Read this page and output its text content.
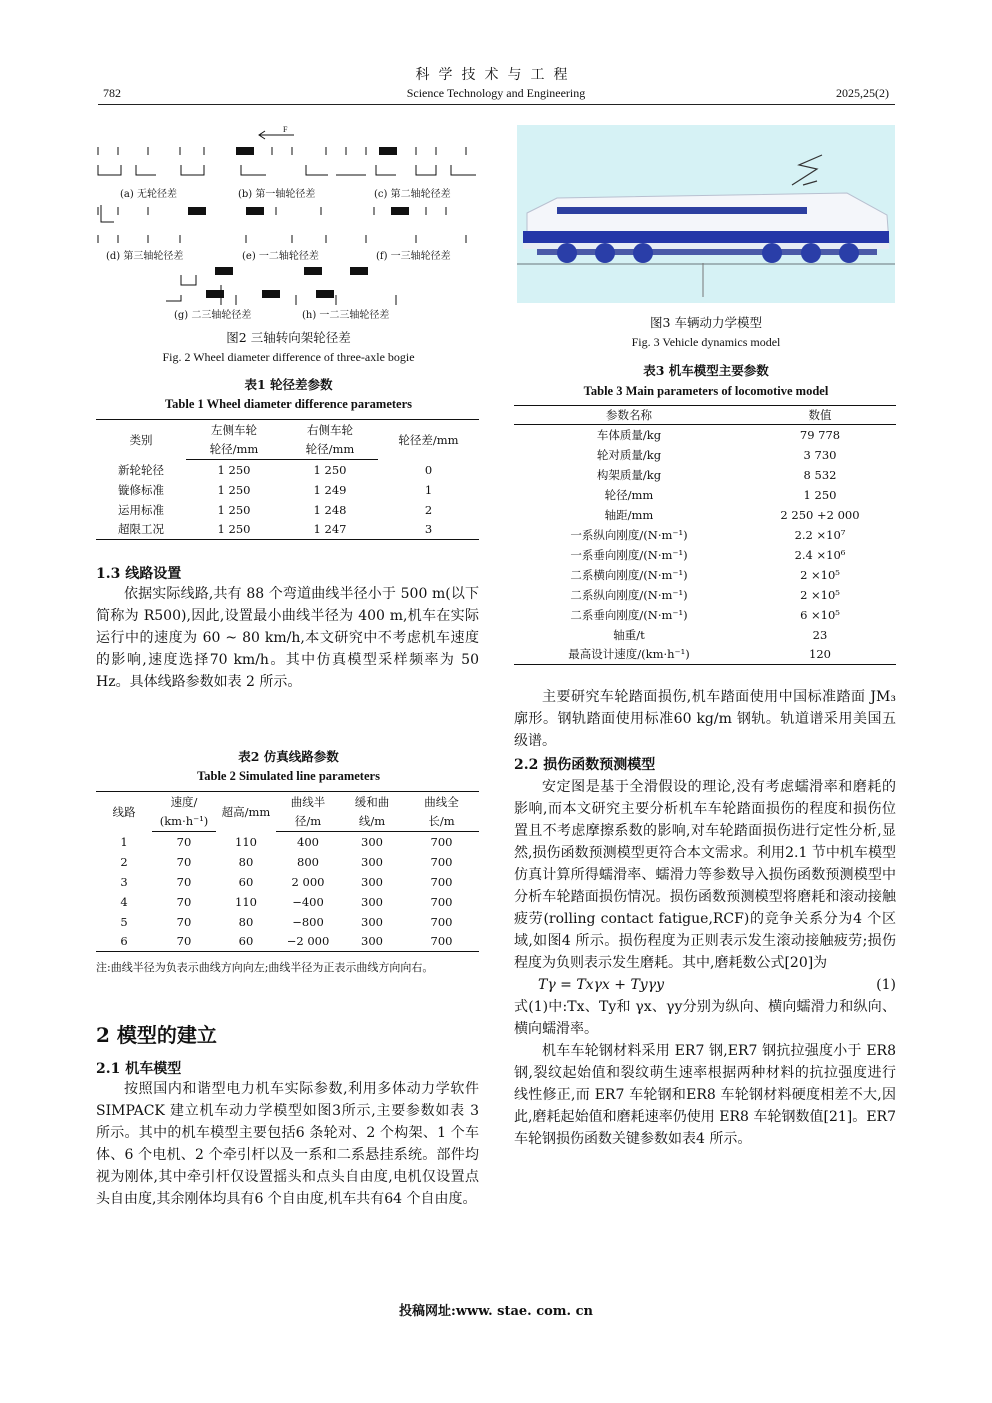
科学技术与工程
Science Technology and Engineering
782	2025,25(2)
F
(a) 无轮径差	(b) 第一轴轮径差	(c) 第二轴轮径差
(d) 第三轴轮径差	(e) 一二轴轮径差	(f) 一三轴轮径差
(g) 二三轴轮径差	(h) 一二三轴轮径差
图2 三轴转向架轮径差
Fig. 2 Wheel diameter difference of three-axle bogie
表1 轮径差参数
Table 1 Wheel diameter difference parameters
类别	左侧车轮	右侧车轮	轮径差/mm
	轮径/mm	轮径/mm	
新轮轮径	1 250	1 250	0
镟修标准	1 250	1 249	1
运用标准	1 250	1 248	2
超限工况	1 250	1 247	3
1.3 线路设置

依据实际线路,共有 88 个弯道曲线半径小于 500 m(以下简称为 R500),因此,设置最小曲线半径为 400 m,机车在实际运行中的速度为 60 ~ 80 km/h,本文研究中不考虑机车速度的影响,速度选择70 km/h。其中仿真模型采样频率为 50 Hz。具体线路参数如表 2 所示。

表2 仿真线路参数
Table 2 Simulated line parameters
线路	速度/	超高/mm	曲线半	缓和曲	曲线全
	(km·h⁻¹)		径/m	线/m	长/m
1	70	110	400	300	700
2	70	80	800	300	700
3	70	60	2 000	300	700
4	70	110	−400	300	700
5	70	80	−800	300	700
6	70	60	−2 000	300	700
注:曲线半径为负表示曲线方向向左;曲线半径为正表示曲线方向向右。
2 模型的建立
2.1 机车模型

按照国内和谐型电力机车实际参数,利用多体动力学软件 SIMPACK 建立机车动力学模型如图3所示,主要参数如表 3 所示。其中的机车模型主要包括6 条轮对、2 个构架、1 个车体、6 个电机、2 个牵引杆以及一系和二系悬挂系统。部件均视为刚体,其中牵引杆仅设置摇头和点头自由度,电机仅设置点头自由度,其余刚体均具有6 个自由度,机车共有64 个自由度。

图3 车辆动力学模型
Fig. 3 Vehicle dynamics model
表3 机车模型主要参数
Table 3 Main parameters of locomotive model
参数名称	数值
车体质量/kg	79 778
轮对质量/kg	3 730
构架质量/kg	8 532
轮径/mm	1 250
轴距/mm	2 250 +2 000
一系纵向刚度/(N·m⁻¹)	2.2 ×10⁷
一系垂向刚度/(N·m⁻¹)	2.4 ×10⁶
二系横向刚度/(N·m⁻¹)	2 ×10⁵
二系纵向刚度/(N·m⁻¹)	2 ×10⁵
二系垂向刚度/(N·m⁻¹)	6 ×10⁵
轴重/t	23
最高设计速度/(km·h⁻¹)	120

主要研究车轮踏面损伤,机车踏面使用中国标准踏面 JM₃ 廓形。钢轨踏面使用标准60 kg/m 钢轨。轨道谱采用美国五级谱。

2.2 损伤函数预测模型

安定图是基于全滑假设的理论,没有考虑蠕滑率和磨耗的影响,而本文研究主要分析机车车轮踏面损伤的程度和损伤位置且不考虑摩擦系数的影响,对车轮踏面损伤进行定性分析,显然,损伤函数预测模型更符合本文需求。利用2.1 节中机车模型仿真计算所得蠕滑率、蠕滑力等参数导入损伤函数预测模型中分析车轮踏面损伤情况。损伤函数预测模型将磨耗和滚动接触疲劳(rolling contact fatigue,RCF)的竞争关系分为4 个区域,如图4 所示。损伤程度为正则表示发生滚动接触疲劳;损伤程度为负则表示发生磨耗。其中,磨耗数公式[20]为

Tγ = Txγx + Tyγy	(1)

式(1)中:Tx、Ty和 γx、γy分别为纵向、横向蠕滑力和纵向、横向蠕滑率。

机车车轮钢材料采用 ER7 钢,ER7 钢抗拉强度小于 ER8 钢,裂纹起始值和裂纹萌生速率根据两种材料的抗拉强度进行线性修正,而 ER7 车轮钢和ER8 车轮钢材料硬度相差不大,因此,磨耗起始值和磨耗速率仍使用 ER8 车轮钢数值[21]。ER7 车轮钢损伤函数关键参数如表4 所示。

投稿网址:www. stae. com. cn
